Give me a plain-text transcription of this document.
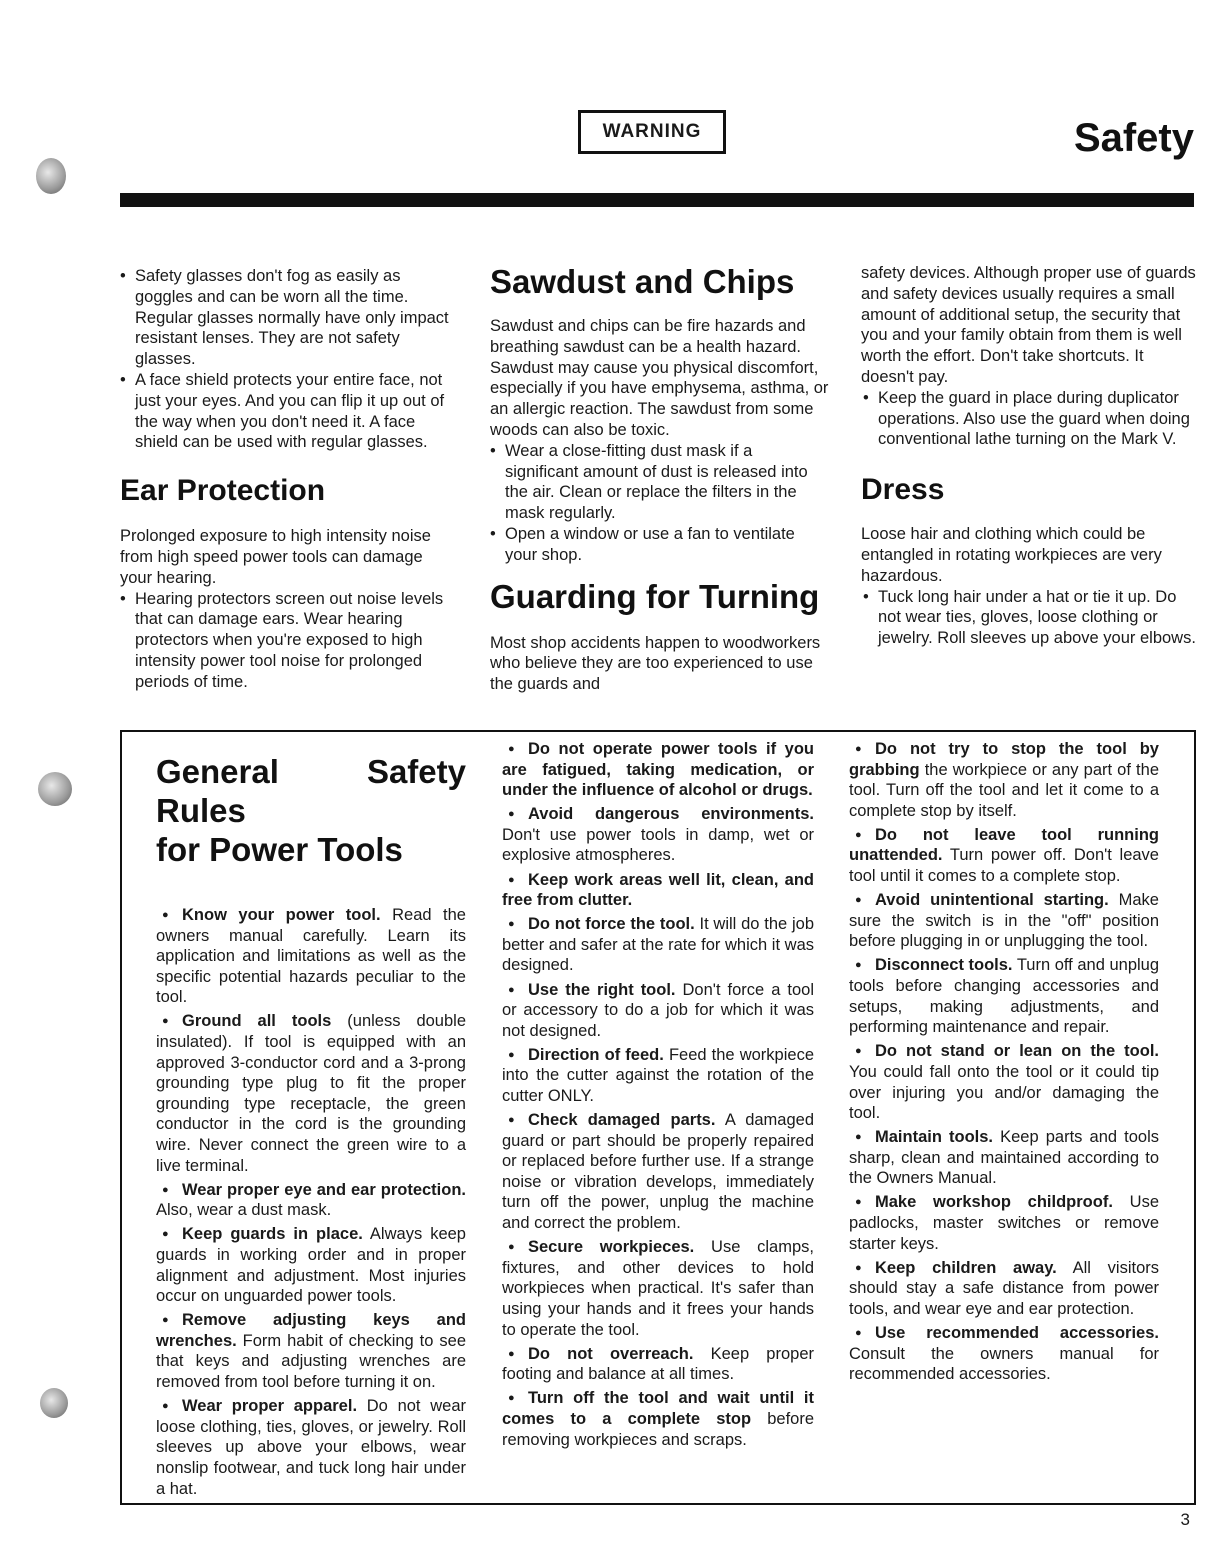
WARNING	Safety

• Safety glasses don't fog as easily as goggles and can be worn all the time. Regular glasses normally have only impact resistant lenses. They are not safety glasses.

• A face shield protects your entire face, not just your eyes. And you can flip it up out of the way when you don't need it. A face shield can be used with regular glasses.

Ear Protection

Prolonged exposure to high intensity noise from high speed power tools can damage your hearing.

• Hearing protectors screen out noise levels that can damage ears. Wear hearing protectors when you're exposed to high intensity power tool noise for prolonged periods of time.

Sawdust and Chips

Sawdust and chips can be fire hazards and breathing sawdust can be a health hazard. Sawdust may cause you physical discomfort, especially if you have emphysema, asthma, or an allergic reaction. The sawdust from some woods can also be toxic.

• Wear a close-fitting dust mask if a significant amount of dust is released into the air. Clean or replace the filters in the mask regularly.

• Open a window or use a fan to ventilate your shop.

Guarding for Turning

Most shop accidents happen to woodworkers who believe they are too experienced to use the guards and

safety devices. Although proper use of guards and safety devices usually requires a small amount of additional setup, the security that you and your family obtain from them is well worth the effort. Don't take shortcuts. It doesn't pay.

• Keep the guard in place during duplicator operations. Also use the guard when doing conventional lathe turning on the Mark V.

Dress

Loose hair and clothing which could be entangled in rotating workpieces are very hazardous.

• Tuck long hair under a hat or tie it up. Do not wear ties, gloves, loose clothing or jewelry. Roll sleeves up above your elbows.

General Safety Rules
for Power Tools

● Know your power tool. Read the owners manual carefully. Learn its application and limitations as well as the specific potential hazards peculiar to the tool.

● Ground all tools (unless double insulated). If tool is equipped with an approved 3-conductor cord and a 3-prong grounding type plug to fit the proper grounding type receptacle, the green conductor in the cord is the grounding wire. Never connect the green wire to a live terminal.

● Wear proper eye and ear protection. Also, wear a dust mask.

● Keep guards in place. Always keep guards in working order and in proper alignment and adjustment. Most injuries occur on unguarded power tools.

● Remove adjusting keys and wrenches. Form habit of checking to see that keys and adjusting wrenches are removed from tool before turning it on.

● Wear proper apparel. Do not wear loose clothing, ties, gloves, or jewelry. Roll sleeves up above your elbows, wear nonslip footwear, and tuck long hair under a hat.

● Do not operate power tools if you are fatigued, taking medication, or under the influence of alcohol or drugs.

● Avoid dangerous environments. Don't use power tools in damp, wet or explosive atmospheres.

● Keep work areas well lit, clean, and free from clutter.

● Do not force the tool. It will do the job better and safer at the rate for which it was designed.

● Use the right tool. Don't force a tool or accessory to do a job for which it was not designed.

● Direction of feed. Feed the workpiece into the cutter against the rotation of the cutter ONLY.

● Check damaged parts. A damaged guard or part should be properly repaired or replaced before further use. If a strange noise or vibration develops, immediately turn off the power, unplug the machine and correct the problem.

● Secure workpieces. Use clamps, fixtures, and other devices to hold workpieces when practical. It's safer than using your hands and it frees your hands to operate the tool.

● Do not overreach. Keep proper footing and balance at all times.

● Turn off the tool and wait until it comes to a complete stop before removing workpieces and scraps.

● Do not try to stop the tool by grabbing the workpiece or any part of the tool. Turn off the tool and let it come to a complete stop by itself.

● Do not leave tool running unattended. Turn power off. Don't leave tool until it comes to a complete stop.

● Avoid unintentional starting. Make sure the switch is in the "off" position before plugging in or unplugging the tool.

● Disconnect tools. Turn off and unplug tools before changing accessories and setups, making adjustments, and performing maintenance and repair.

● Do not stand or lean on the tool. You could fall onto the tool or it could tip over injuring you and/or damaging the tool.

● Maintain tools. Keep parts and tools sharp, clean and maintained according to the Owners Manual.

● Make workshop childproof. Use padlocks, master switches or remove starter keys.

● Keep children away. All visitors should stay a safe distance from power tools, and wear eye and ear protection.

● Use recommended accessories. Consult the owners manual for recommended accessories.

3
